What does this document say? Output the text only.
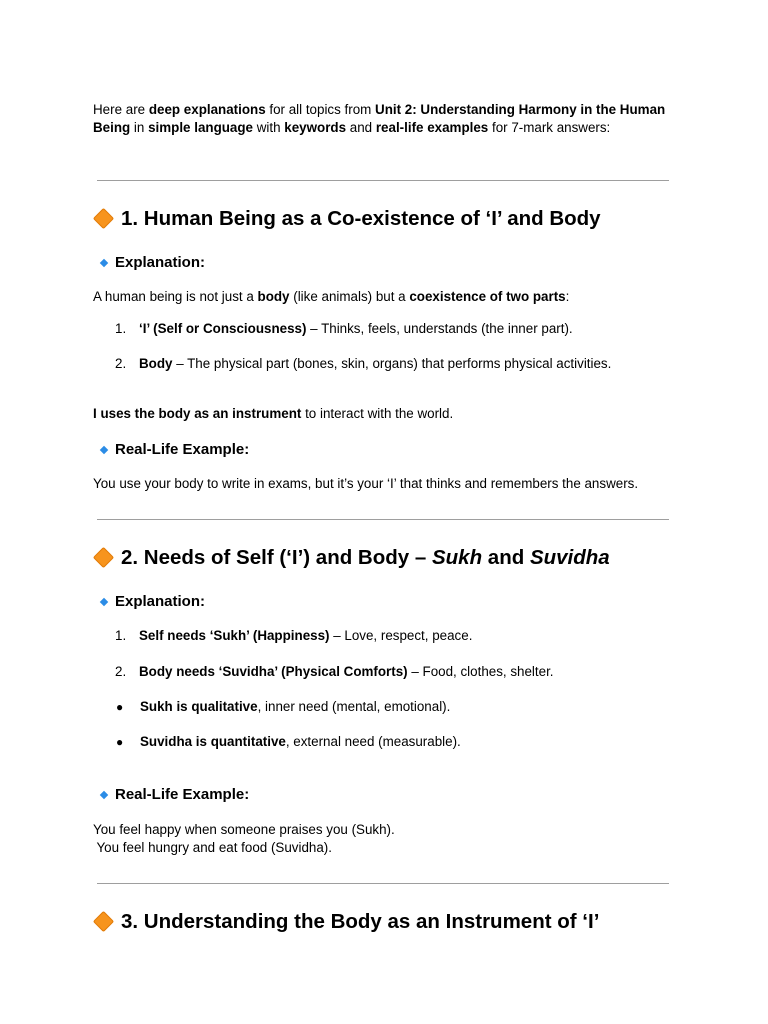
Here are deep explanations for all topics from Unit 2: Understanding Harmony in the Human Being in simple language with keywords and real-life examples for 7-mark answers:
1. Human Being as a Co-existence of ‘I’ and Body
Explanation:
A human being is not just a body (like animals) but a coexistence of two parts:
1. ‘I’ (Self or Consciousness) – Thinks, feels, understands (the inner part).
2. Body – The physical part (bones, skin, organs) that performs physical activities.
I uses the body as an instrument to interact with the world.
Real-Life Example:
You use your body to write in exams, but it’s your ‘I’ that thinks and remembers the answers.
2. Needs of Self (‘I’) and Body – Sukh and Suvidha
Explanation:
1. Self needs ‘Sukh’ (Happiness) – Love, respect, peace.
2. Body needs ‘Suvidha’ (Physical Comforts) – Food, clothes, shelter.
● Sukh is qualitative, inner need (mental, emotional).
● Suvidha is quantitative, external need (measurable).
Real-Life Example:
You feel happy when someone praises you (Sukh).
You feel hungry and eat food (Suvidha).
3. Understanding the Body as an Instrument of ‘I’
